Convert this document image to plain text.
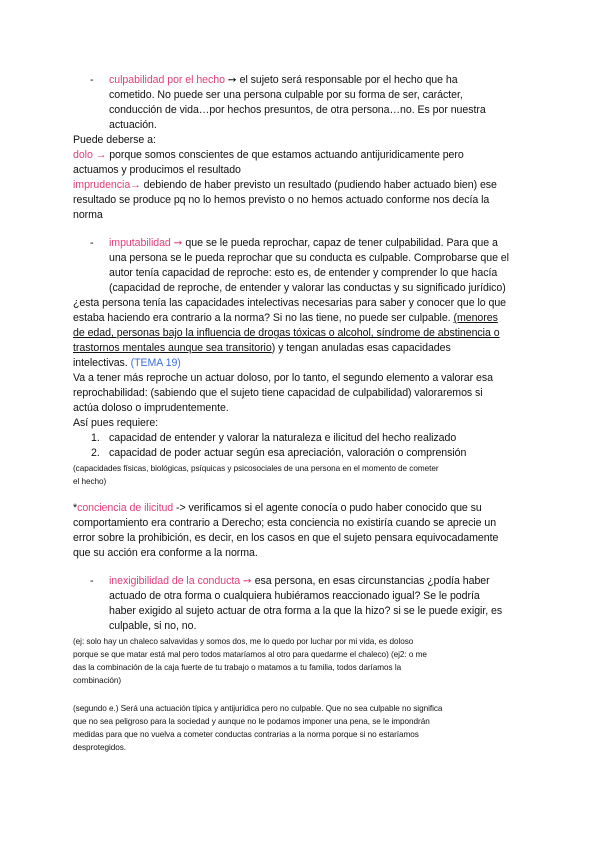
- culpabilidad por el hecho ➙ el sujeto será responsable por el hecho que ha
cometido. No puede ser una persona culpable por su forma de ser, carácter,
conducción de vida…por hechos presuntos, de otra persona…no. Es por nuestra
actuación.
Puede deberse a:
dolo → porque somos conscientes de que estamos actuando antijuridicamente pero
actuamos y producimos el resultado
imprudencia→ debiendo de haber previsto un resultado (pudiendo haber actuado bien) ese
resultado se produce pq no lo hemos previsto o no hemos actuado conforme nos decía la
norma
- imputabilidad ➙ que se le pueda reprochar, capaz de tener culpabilidad. Para que a
una persona se le pueda reprochar que su conducta es culpable. Comprobarse que el
autor tenía capacidad de reproche: esto es, de entender y comprender lo que hacía
(capacidad de reproche, de entender y valorar las conductas y su significado jurídico)
¿esta persona tenía las capacidades intelectivas necesarias para saber y conocer que lo que
estaba haciendo era contrario a la norma? Si no las tiene, no puede ser culpable. (menores
de edad, personas bajo la influencia de drogas tóxicas o alcohol, síndrome de abstinencia o
trastornos mentales aunque sea transitorio) y tengan anuladas esas capacidades
intelectivas. (TEMA 19)
Va a tener más reproche un actuar doloso, por lo tanto, el segundo elemento a valorar esa
reprochabilidad: (sabiendo que el sujeto tiene capacidad de culpabilidad) valoraremos si
actúa doloso o imprudentemente.
Así pues requiere:
1. capacidad de entender y valorar la naturaleza e ilicitud del hecho realizado
2. capacidad de poder actuar según esa apreciación, valoración o comprensión
(capacidades físicas, biológicas, psíquicas y psicosociales de una persona en el momento de cometer
el hecho)
*conciencia de ilicitud -> verificamos si el agente conocía o pudo haber conocido que su
comportamiento era contrario a Derecho; esta conciencia no existiría cuando se aprecie un
error sobre la prohibición, es decir, en los casos en que el sujeto pensara equivocadamente
que su acción era conforme a la norma.
- inexigibilidad de la conducta ➙ esa persona, en esas circunstancias ¿podía haber
actuado de otra forma o cualquiera hubiéramos reaccionado igual? Se le podría
haber exigido al sujeto actuar de otra forma a la que la hizo? si se le puede exigir, es
culpable, si no, no.
(ej: solo hay un chaleco salvavidas y somos dos, me lo quedo por luchar por mi vida, es doloso
porque se que matar está mal pero todos mataríamos al otro para quedarme el chaleco) (ej2: o me
das la combinación de la caja fuerte de tu trabajo o matamos a tu familia, todos daríamos la
combinación)
(segundo e.) Será una actuación típica y antijurídica pero no culpable. Que no sea culpable no significa
que no sea peligroso para la sociedad y aunque no le podamos imponer una pena, se le impondrán
medidas para que no vuelva a cometer conductas contrarias a la norma porque si no estaríamos
desprotegidos.
